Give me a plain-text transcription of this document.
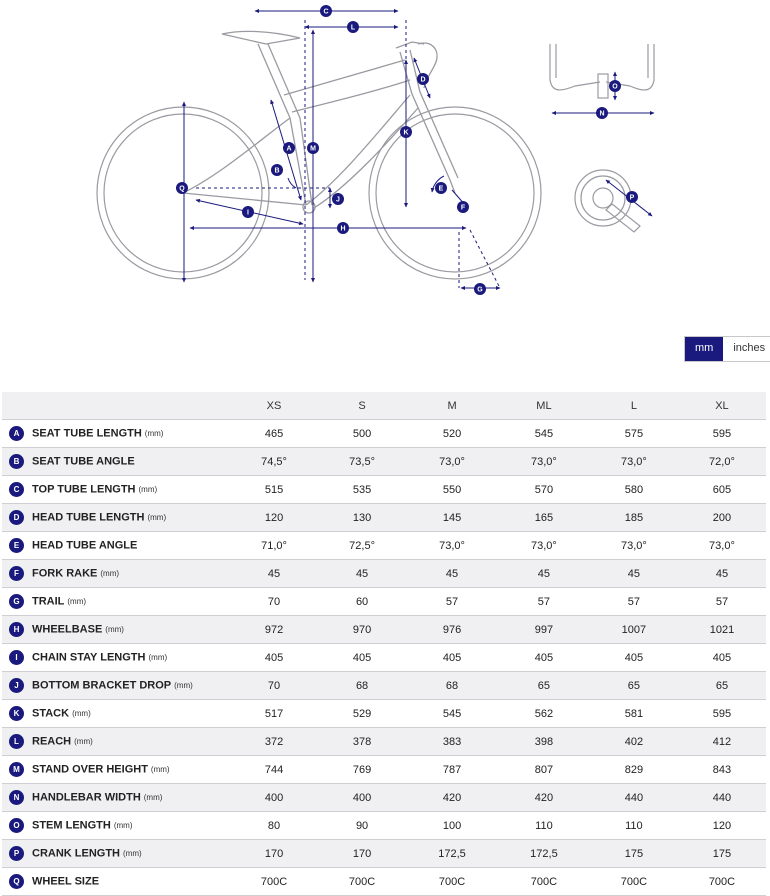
A
B
C
D
E
F
G
H
I
J
K
L
M
N
O
P
Q
mm	inches
	XS	S	M	ML	L	XL
A SEAT TUBE LENGTH (mm)	465	500	520	545	575	595
B SEAT TUBE ANGLE	74,5°	73,5°	73,0°	73,0°	73,0°	72,0°
C TOP TUBE LENGTH (mm)	515	535	550	570	580	605
D HEAD TUBE LENGTH (mm)	120	130	145	165	185	200
E HEAD TUBE ANGLE	71,0°	72,5°	73,0°	73,0°	73,0°	73,0°
F FORK RAKE (mm)	45	45	45	45	45	45
G TRAIL (mm)	70	60	57	57	57	57
H WHEELBASE (mm)	972	970	976	997	1007	1021
I CHAIN STAY LENGTH (mm)	405	405	405	405	405	405
J BOTTOM BRACKET DROP (mm)	70	68	68	65	65	65
K STACK (mm)	517	529	545	562	581	595
L REACH (mm)	372	378	383	398	402	412
M STAND OVER HEIGHT (mm)	744	769	787	807	829	843
N HANDLEBAR WIDTH (mm)	400	400	420	420	440	440
O STEM LENGTH (mm)	80	90	100	110	110	120
P CRANK LENGTH (mm)	170	170	172,5	172,5	175	175
Q WHEEL SIZE	700C	700C	700C	700C	700C	700C
